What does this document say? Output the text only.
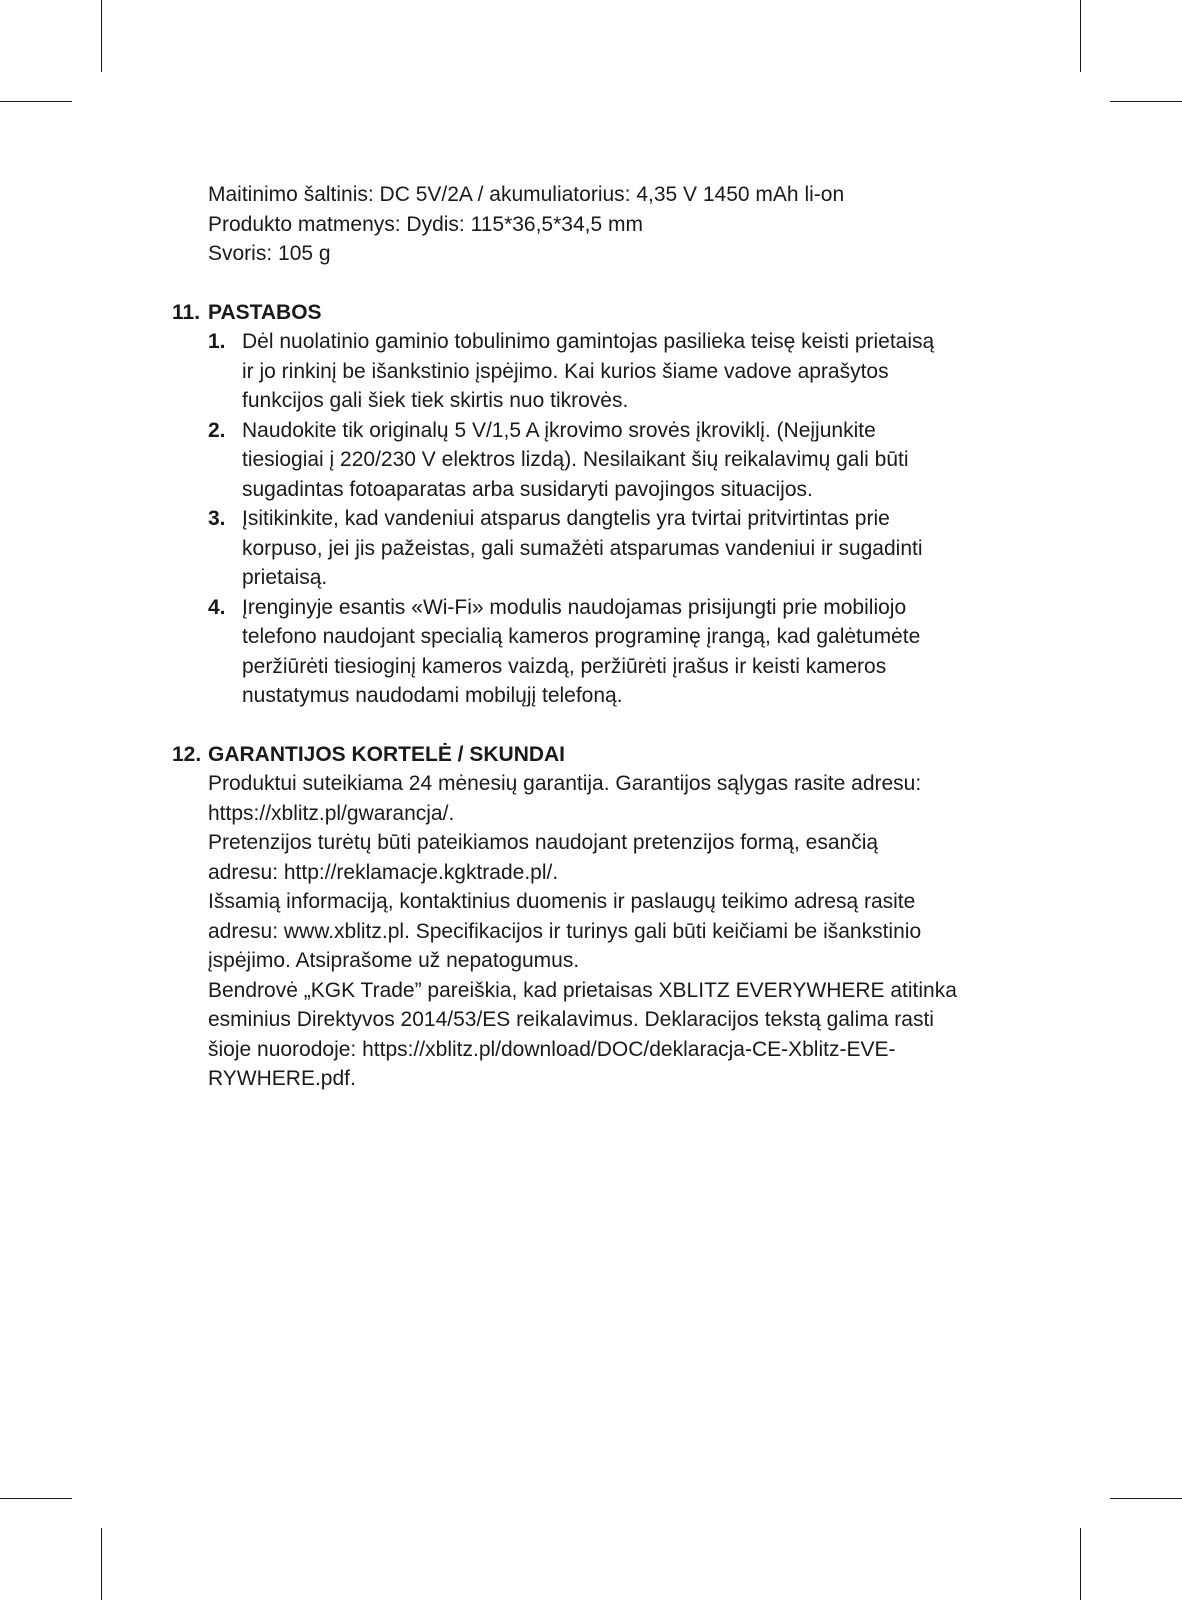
Maitinimo šaltinis: DC 5V/2A / akumuliatorius: 4,35 V 1450 mAh li-on
Produkto matmenys: Dydis: 115*36,5*34,5 mm
Svoris: 105 g
11. PASTABOS
1. Dėl nuolatinio gaminio tobulinimo gamintojas pasilieka teisę keisti prietaisą
ir jo rinkinį be išankstinio įspėjimo. Kai kurios šiame vadove aprašytos
funkcijos gali šiek tiek skirtis nuo tikrovės.
2. Naudokite tik originalų 5 V/1,5 A įkrovimo srovės įkroviklį. (Neįjunkite
tiesiogiai į 220/230 V elektros lizdą). Nesilaikant šių reikalavimų gali būti
sugadintas fotoaparatas arba susidaryti pavojingos situacijos.
3. Įsitikinkite, kad vandeniui atsparus dangtelis yra tvirtai pritvirtintas prie
korpuso, jei jis pažeistas, gali sumažėti atsparumas vandeniui ir sugadinti
prietaisą.
4. Įrenginyje esantis «Wi-Fi» modulis naudojamas prisijungti prie mobiliojo
telefono naudojant specialią kameros programinę įrangą, kad galėtumėte
peržiūrėti tiesioginį kameros vaizdą, peržiūrėti įrašus ir keisti kameros
nustatymus naudodami mobilųjį telefoną.
12. GARANTIJOS KORTELĖ / SKUNDAI
Produktui suteikiama 24 mėnesių garantija. Garantijos sąlygas rasite adresu:
https://xblitz.pl/gwarancja/.
Pretenzijos turėtų būti pateikiamos naudojant pretenzijos formą, esančią
adresu: http://reklamacje.kgktrade.pl/.
Išsamią informaciją, kontaktinius duomenis ir paslaugų teikimo adresą rasite
adresu: www.xblitz.pl. Specifikacijos ir turinys gali būti keičiami be išankstinio
įspėjimo. Atsiprašome už nepatogumus.
Bendrovė „KGK Trade” pareiškia, kad prietaisas XBLITZ EVERYWHERE atitinka
esminius Direktyvos 2014/53/ES reikalavimus. Deklaracijos tekstą galima rasti
šioje nuorodoje: https://xblitz.pl/download/DOC/deklaracja-CE-Xblitz-EVE-
RYWHERE.pdf.
